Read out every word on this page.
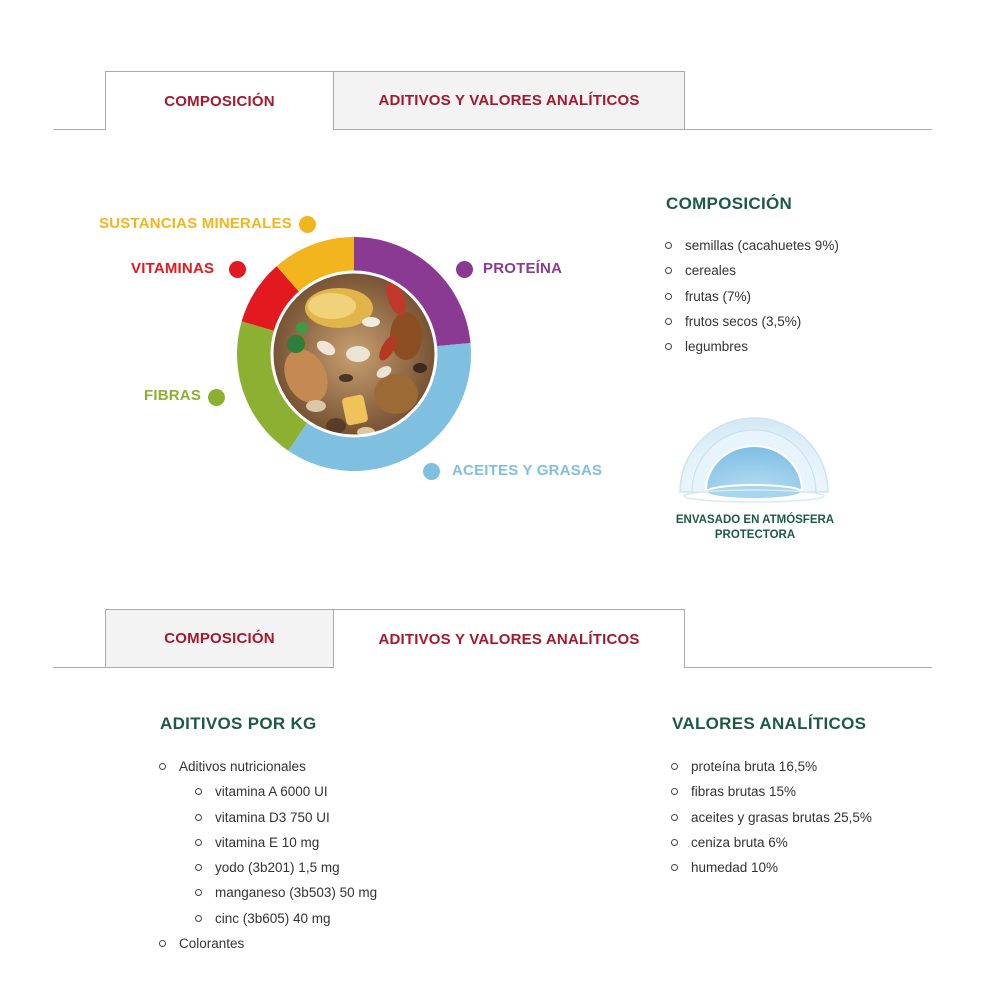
COMPOSICIÓN	ADITIVOS Y VALORES ANALÍTICOS
SUSTANCIAS MINERALES
VITAMINAS	PROTEÍNA
FIBRAS
ACEITES Y GRASAS
COMPOSICIÓN
semillas (cacahuetes 9%)
cereales
frutas (7%)
frutos secos (3,5%)
legumbres
ENVASADO EN ATMÓSFERA
PROTECTORA
COMPOSICIÓN	ADITIVOS Y VALORES ANALÍTICOS
ADITIVOS POR KG
Aditivos nutricionales
vitamina A 6000 UI
vitamina D3 750 UI
vitamina E 10 mg
yodo (3b201) 1,5 mg
manganeso (3b503) 50 mg
cinc (3b605) 40 mg
Colorantes
VALORES ANALÍTICOS
proteína bruta 16,5%
fibras brutas 15%
aceites y grasas brutas 25,5%
ceniza bruta 6%
humedad 10%
